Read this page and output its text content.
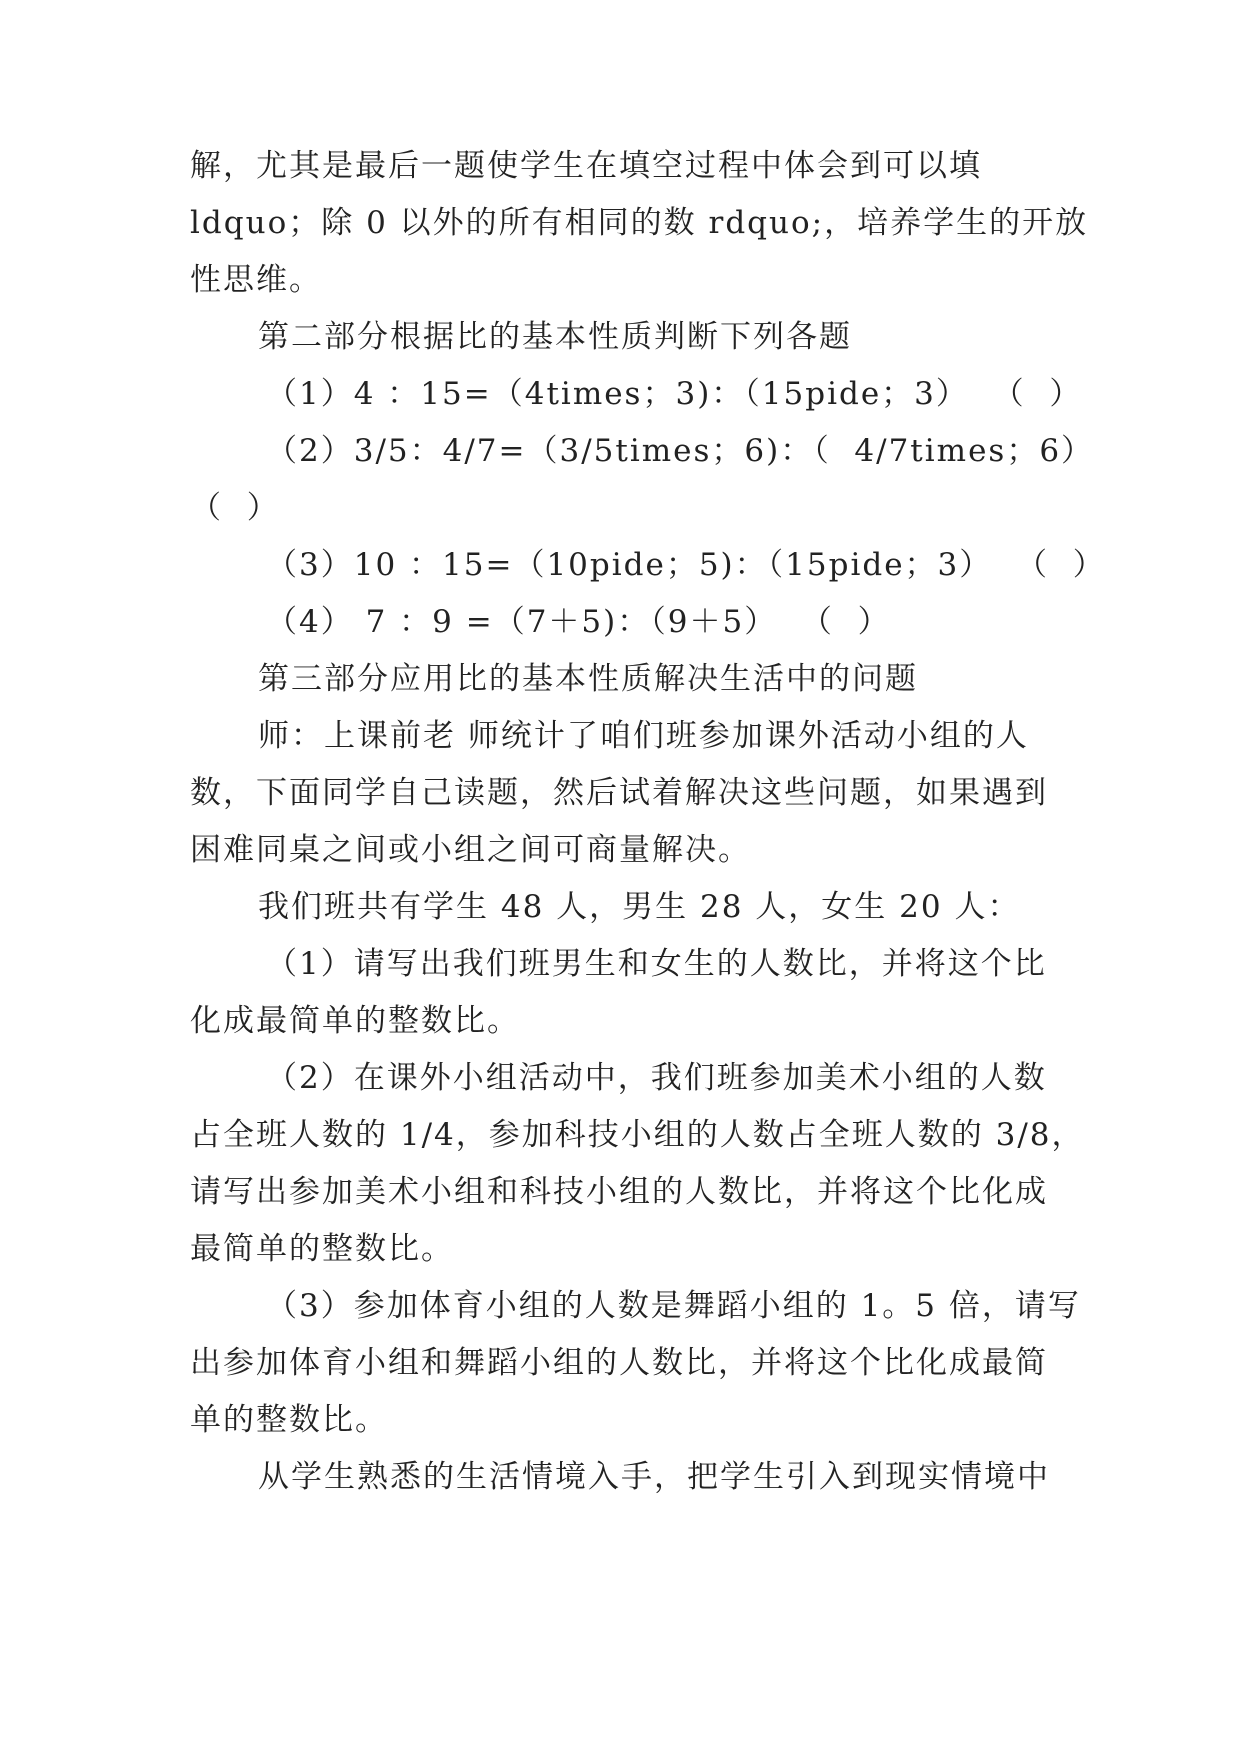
解，尤其是最后一题使学生在填空过程中体会到可以填
ldquo；除 0 以外的所有相同的数 rdquo;，培养学生的开放
性思维。
第二部分根据比的基本性质判断下列各题
（1）4 ：15=（4times；3)：（15pide；3）  （  ）
（2）3/5：4/7=（3/5times；6)：（  4/7times；6）
（  ）
（3）10 ：15=（10pide；5)：（15pide；3）  （  ）
（4） 7 ：9 =（7＋5)：（9＋5）  （  ）
第三部分应用比的基本性质解决生活中的问题
师：上课前老 师统计了咱们班参加课外活动小组的人
数，下面同学自己读题，然后试着解决这些问题，如果遇到
困难同桌之间或小组之间可商量解决。
我们班共有学生 48 人，男生 28 人，女生 20 人：
（1）请写出我们班男生和女生的人数比，并将这个比
化成最简单的整数比。
（2）在课外小组活动中，我们班参加美术小组的人数
占全班人数的 1/4，参加科技小组的人数占全班人数的 3/8，
请写出参加美术小组和科技小组的人数比，并将这个比化成
最简单的整数比。
（3）参加体育小组的人数是舞蹈小组的 1。5 倍，请写
出参加体育小组和舞蹈小组的人数比，并将这个比化成最简
单的整数比。
从学生熟悉的生活情境入手，把学生引入到现实情境中
